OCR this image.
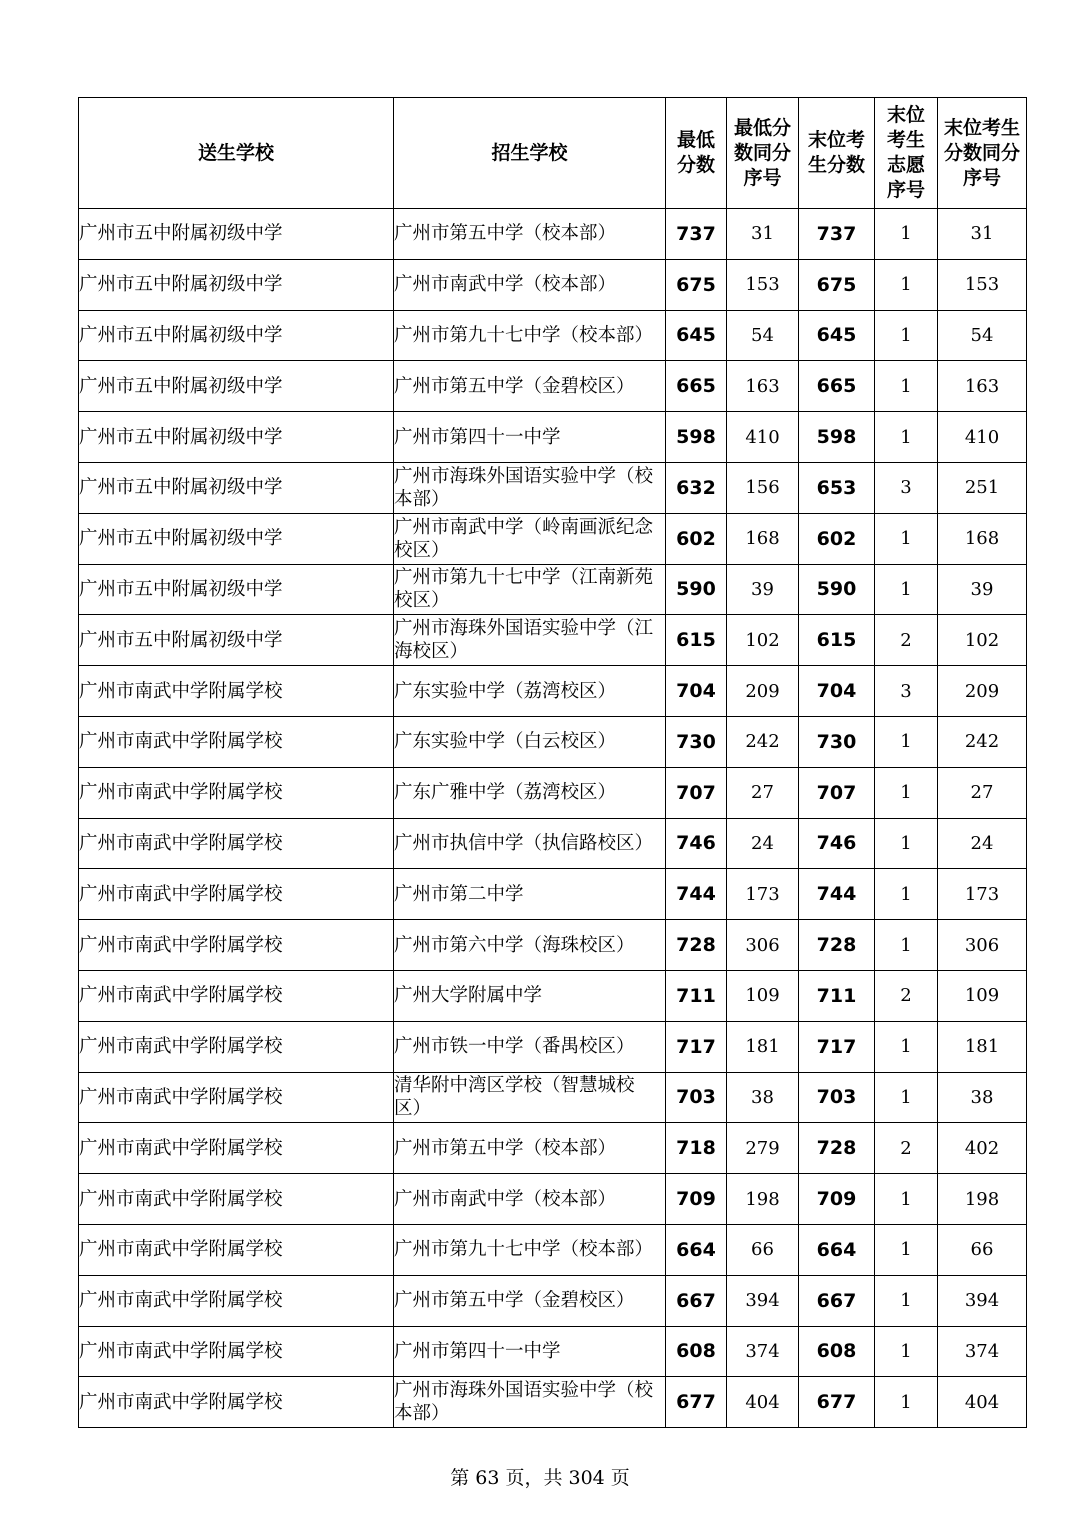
送生学校	招生学校	最低分数	最低分数同分序号	末位考生分数	末位考生志愿序号	末位考生分数同分序号
广州市五中附属初级中学	广州市第五中学（校本部）	737	31	737	1	31
广州市五中附属初级中学	广州市南武中学（校本部）	675	153	675	1	153
广州市五中附属初级中学	广州市第九十七中学（校本部）	645	54	645	1	54
广州市五中附属初级中学	广州市第五中学（金碧校区）	665	163	665	1	163
广州市五中附属初级中学	广州市第四十一中学	598	410	598	1	410
广州市五中附属初级中学	广州市海珠外国语实验中学（校本部）	632	156	653	3	251
广州市五中附属初级中学	广州市南武中学（岭南画派纪念校区）	602	168	602	1	168
广州市五中附属初级中学	广州市第九十七中学（江南新苑校区）	590	39	590	1	39
广州市五中附属初级中学	广州市海珠外国语实验中学（江海校区）	615	102	615	2	102
广州市南武中学附属学校	广东实验中学（荔湾校区）	704	209	704	3	209
广州市南武中学附属学校	广东实验中学（白云校区）	730	242	730	1	242
广州市南武中学附属学校	广东广雅中学（荔湾校区）	707	27	707	1	27
广州市南武中学附属学校	广州市执信中学（执信路校区）	746	24	746	1	24
广州市南武中学附属学校	广州市第二中学	744	173	744	1	173
广州市南武中学附属学校	广州市第六中学（海珠校区）	728	306	728	1	306
广州市南武中学附属学校	广州大学附属中学	711	109	711	2	109
广州市南武中学附属学校	广州市铁一中学（番禺校区）	717	181	717	1	181
广州市南武中学附属学校	清华附中湾区学校（智慧城校区）	703	38	703	1	38
广州市南武中学附属学校	广州市第五中学（校本部）	718	279	728	2	402
广州市南武中学附属学校	广州市南武中学（校本部）	709	198	709	1	198
广州市南武中学附属学校	广州市第九十七中学（校本部）	664	66	664	1	66
广州市南武中学附属学校	广州市第五中学（金碧校区）	667	394	667	1	394
广州市南武中学附属学校	广州市第四十一中学	608	374	608	1	374
广州市南武中学附属学校	广州市海珠外国语实验中学（校本部）	677	404	677	1	404
第 63 页，共 304 页
